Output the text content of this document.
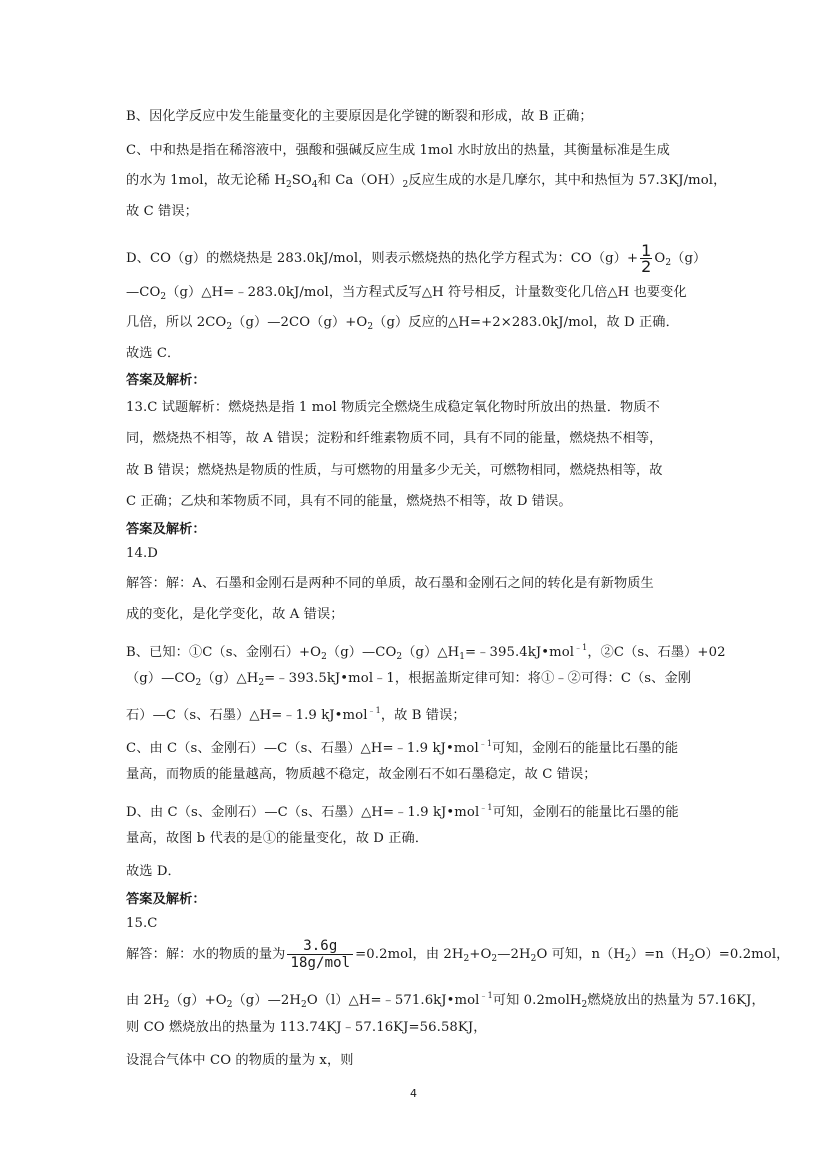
B、因化学反应中发生能量变化的主要原因是化学键的断裂和形成，故 B 正确；
C、中和热是指在稀溶液中，强酸和强碱反应生成 1mol 水时放出的热量，其衡量标准是生成
的水为 1mol，故无论稀 $H_2SO_4$和 $Ca(OH)_2$反应生成的水是几摩尔，其中和热恒为 57.3KJ/mol，
故 C 错误；
D、CO（g）的燃烧热是 283.0kJ/mol，则表示燃烧热的热化学方程式为：$CO(g)+ \frac{1}{2} O_2(g)$
$—CO_2(g)\triangle H=﹣283.0kJ$/mol，当方程式反写△H 符号相反，计量数变化几倍△H 也要变化
几倍，所以 $2CO_2(g)—2CO(g)+O_2(g)$反应的△H=+2×283.0kJ/mol，故 D 正确．
故选 C．
答案及解析：
13.C 试题解析：燃烧热是指 1 mol 物质完全燃烧生成稳定氧化物时所放出的热量．物质不
同，燃烧热不相等，故 A 错误；淀粉和纤维素物质不同，具有不同的能量，燃烧热不相等，
故 B 错误；燃烧热是物质的性质，与可燃物的用量多少无关，可燃物相同，燃烧热相等，故
C 正确；乙炔和苯物质不同，具有不同的能量，燃烧热不相等，故 D 错误。
答案及解析：
14.D
解答：解：A、石墨和金刚石是两种不同的单质，故石墨和金刚石之间的转化是有新物质生
成的变化，是化学变化，故 A 错误；
B、已知：①C（s、金刚石）$+O_2(g)—CO_2(g)\triangle H_1=﹣395.4kJ•mol^{﹣1}$，②C（s、石墨）+02
$(g)—CO_2(g)\triangle H_2=﹣393.5kJ•mol﹣1$，根据盖斯定律可知：将①﹣②可得：C（s、金刚
石）—C（s、石墨）△H=﹣1.9 kJ•mol$^{﹣1}$，故 B 错误；
C、由 C（s、金刚石）—C（s、石墨）△H=﹣1.9 kJ•mol$^{﹣1}$可知，金刚石的能量比石墨的能
量高，而物质的能量越高，物质越不稳定，故金刚石不如石墨稳定，故 C 错误；
D、由 C（s、金刚石）—C（s、石墨）△H=﹣1.9 kJ•mol$^{﹣1}$可知，金刚石的能量比石墨的能
量高，故图 b 代表的是①的能量变化，故 D 正确．
故选 D．
答案及解析：
15.C
解答：解：水的物质的量为 $\frac{3.6g}{\text{18g/mol}} =0.2mol$，由 $2H_2+O_2—2H_2O$ 可知，$n(H_2)=n(H_2O)=0.2mol$，
由 $2H_2(g)+O_2(g)—2H_2O(l)\triangle H=﹣571.6kJ•mol^{﹣1}$可知 0.2molH$_2$燃烧放出的热量为 57.16KJ，
则 CO 燃烧放出的热量为 113.74KJ﹣57.16KJ=56.58KJ，
设混合气体中 CO 的物质的量为 x，则
4
